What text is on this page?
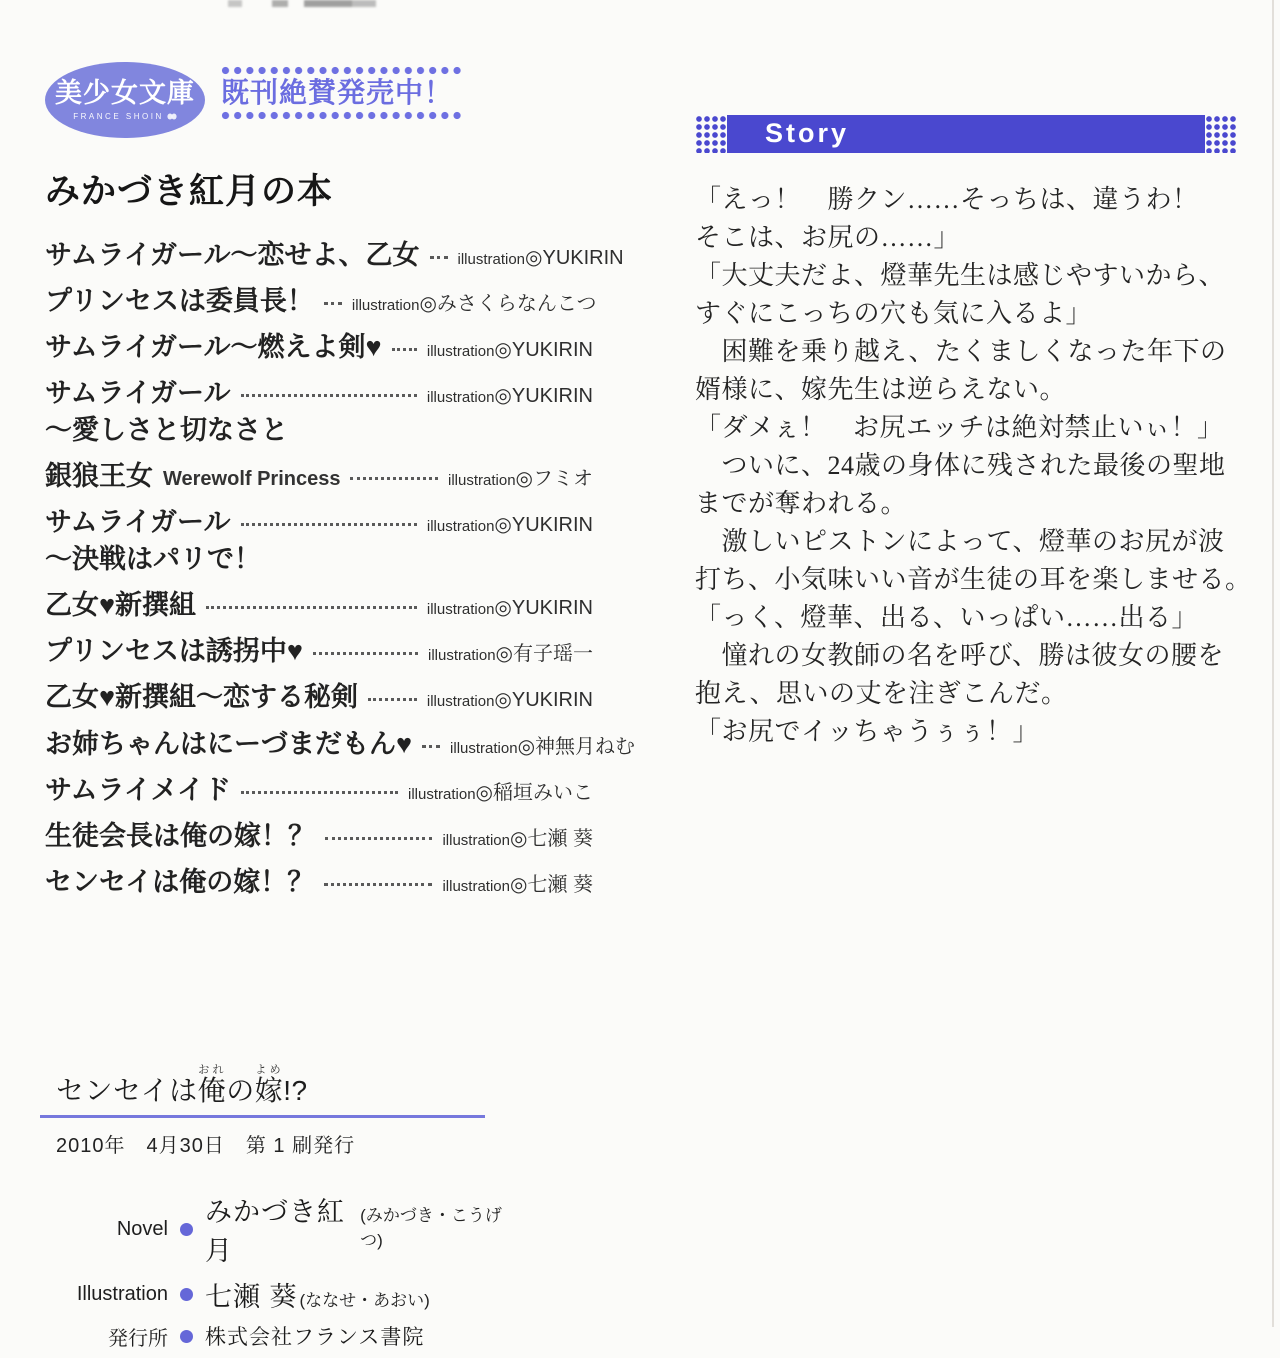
美少女文庫
FRANCE SHOIN
既刊絶賛発売中！
みかづき紅月の本
サムライガール〜恋せよ、乙女	illustration◎YUKIRIN
プリンセスは委員長！	illustration◎みさくらなんこつ
サムライガール〜燃えよ剣♥	illustration◎YUKIRIN
サムライガール	illustration◎YUKIRIN
〜愛しさと切なさと
銀狼王女 Werewolf Princess	illustration◎フミオ
サムライガール	illustration◎YUKIRIN
〜決戦はパリで！
乙女♥新撰組	illustration◎YUKIRIN
プリンセスは誘拐中♥	illustration◎有子瑶一
乙女♥新撰組〜恋する秘剣	illustration◎YUKIRIN
お姉ちゃんはにーづまだもん♥	illustration◎神無月ねむ
サムライメイド	illustration◎稲垣みいこ
生徒会長は俺の嫁！？	illustration◎七瀬 葵
センセイは俺の嫁！？	illustration◎七瀬 葵
Story
「えっ！　勝クン……そっちは、違うわ！
そこは、お尻の……」
「大丈夫だよ、燈華先生は感じやすいから、
すぐにこっちの穴も気に入るよ」
　困難を乗り越え、たくましくなった年下の
婿様に、嫁先生は逆らえない。
「ダメぇ！　お尻エッチは絶対禁止いぃ！」
　ついに、24歳の身体に残された最後の聖地
までが奪われる。
　激しいピストンによって、燈華のお尻が波
打ち、小気味いい音が生徒の耳を楽しませる。
「っく、燈華、出る、いっぱい……出る」
　憧れの女教師の名を呼び、勝は彼女の腰を
抱え、思いの丈を注ぎこんだ。
「お尻でイッちゃうぅぅ！」
センセイは俺おれの嫁よめ!?
2010年　4月30日　第 1 刷発行
Novel
みかづき紅月
(みかづき・こうげつ)
Illustration 七瀬 葵 (ななせ・あおい)
発行所 株式会社フランス書院
